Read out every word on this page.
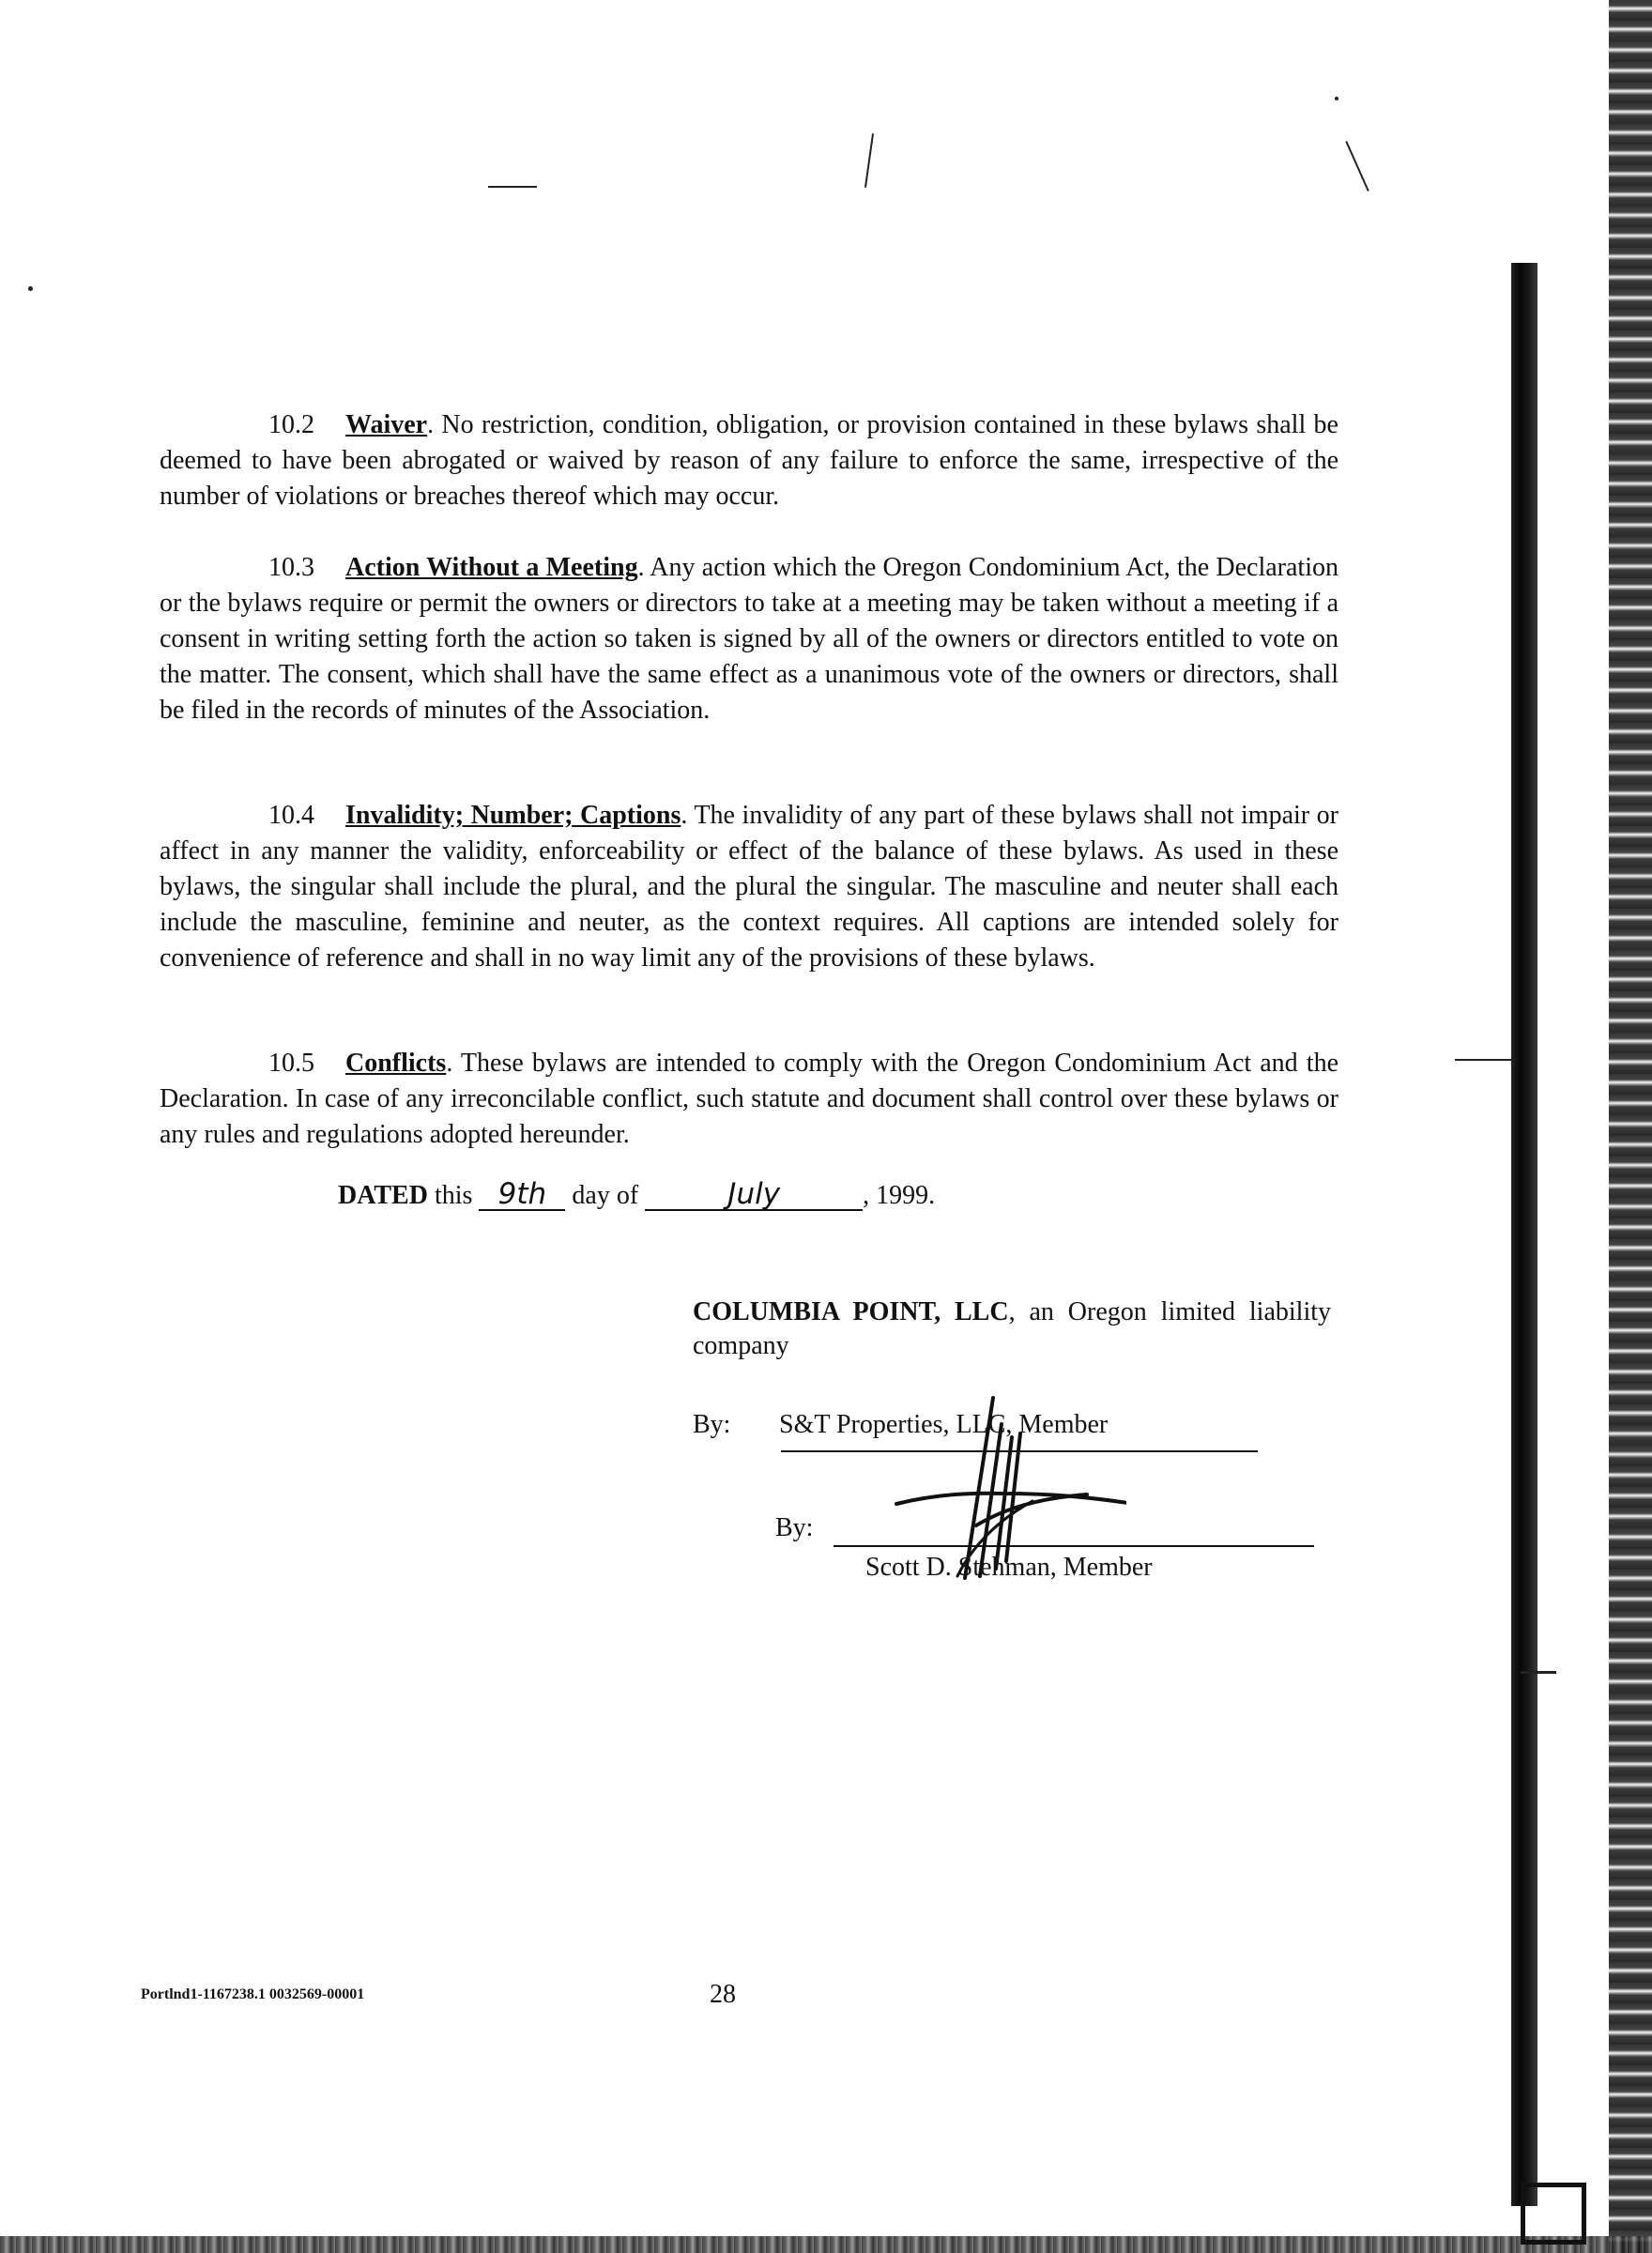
10.2 Waiver. No restriction, condition, obligation, or provision contained in these bylaws shall be deemed to have been abrogated or waived by reason of any failure to enforce the same, irrespective of the number of violations or breaches thereof which may occur.

10.3 Action Without a Meeting. Any action which the Oregon Condominium Act, the Declaration or the bylaws require or permit the owners or directors to take at a meeting may be taken without a meeting if a consent in writing setting forth the action so taken is signed by all of the owners or directors entitled to vote on the matter. The consent, which shall have the same effect as a unanimous vote of the owners or directors, shall be filed in the records of minutes of the Association.

10.4 Invalidity; Number; Captions. The invalidity of any part of these bylaws shall not impair or affect in any manner the validity, enforceability or effect of the balance of these bylaws. As used in these bylaws, the singular shall include the plural, and the plural the singular. The masculine and neuter shall each include the masculine, feminine and neuter, as the context requires. All captions are intended solely for convenience of reference and shall in no way limit any of the provisions of these bylaws.

10.5 Conflicts. These bylaws are intended to comply with the Oregon Condominium Act and the Declaration. In case of any irreconcilable conflict, such statute and document shall control over these bylaws or any rules and regulations adopted hereunder.

DATED this 9th day of	July	, 1999.
COLUMBIA POINT, LLC, an Oregon limited liability company
By: S&T Properties, LLC, Member
By:
Scott D. Stehman, Member
Portlnd1-1167238.1 0032569-00001	28
